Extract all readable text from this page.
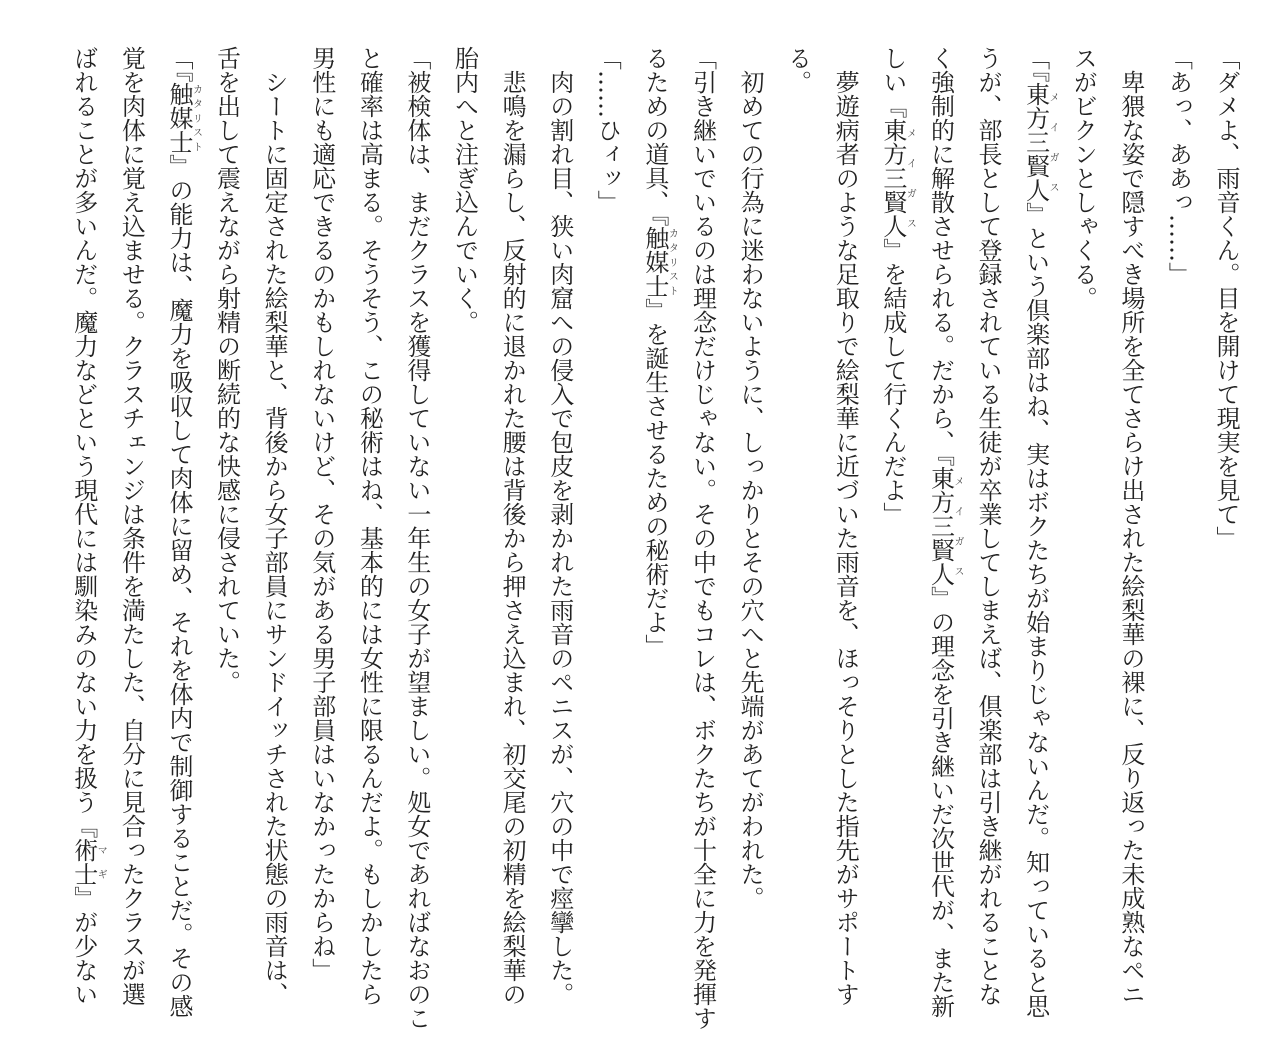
「ダメよ、雨音くん。目を開けて現実を見て」
「あっ、ああっ……」
　卑猥な姿で隠すべき場所を全てさらけ出された絵梨華の裸に、反り返った未成熟なペニ
スがビクンとしゃくる。
「『東方三賢人メイガス』という倶楽部はね、実はボクたちが始まりじゃないんだ。知っていると思
うが、部長として登録されている生徒が卒業してしまえば、倶楽部は引き継がれることな
く強制的に解散させられる。だから、『東方三賢人メイガス』の理念を引き継いだ次世代が、また新
しい『東方三賢人メイガス』を結成して行くんだよ」
　夢遊病者のような足取りで絵梨華に近づいた雨音を、ほっそりとした指先がサポートす
る。
　初めての行為に迷わないように、しっかりとその穴へと先端があてがわれた。
「引き継いでいるのは理念だけじゃない。その中でもコレは、ボクたちが十全に力を発揮す
るための道具、『触媒士カタリスト』を誕生させるための秘術だよ」
「……ひィッ」
　肉の割れ目、狭い肉窟への侵入で包皮を剥かれた雨音のペニスが、穴の中で痙攣した。
　悲鳴を漏らし、反射的に退かれた腰は背後から押さえ込まれ、初交尾の初精を絵梨華の
胎内へと注ぎ込んでいく。
「被検体は、まだクラスを獲得していない一年生の女子が望ましい。処女であればなおのこ
と確率は高まる。そうそう、この秘術はね、基本的には女性に限るんだよ。もしかしたら
男性にも適応できるのかもしれないけど、その気がある男子部員はいなかったからね」
　シートに固定された絵梨華と、背後から女子部員にサンドイッチされた状態の雨音は、
舌を出して震えながら射精の断続的な快感に侵されていた。
「『触媒士カタリスト』の能力は、魔力を吸収して肉体に留め、それを体内で制御することだ。その感
覚を肉体に覚え込ませる。クラスチェンジは条件を満たした、自分に見合ったクラスが選
ばれることが多いんだ。魔力などという現代には馴染みのない力を扱う『術士マギ』が少ない
